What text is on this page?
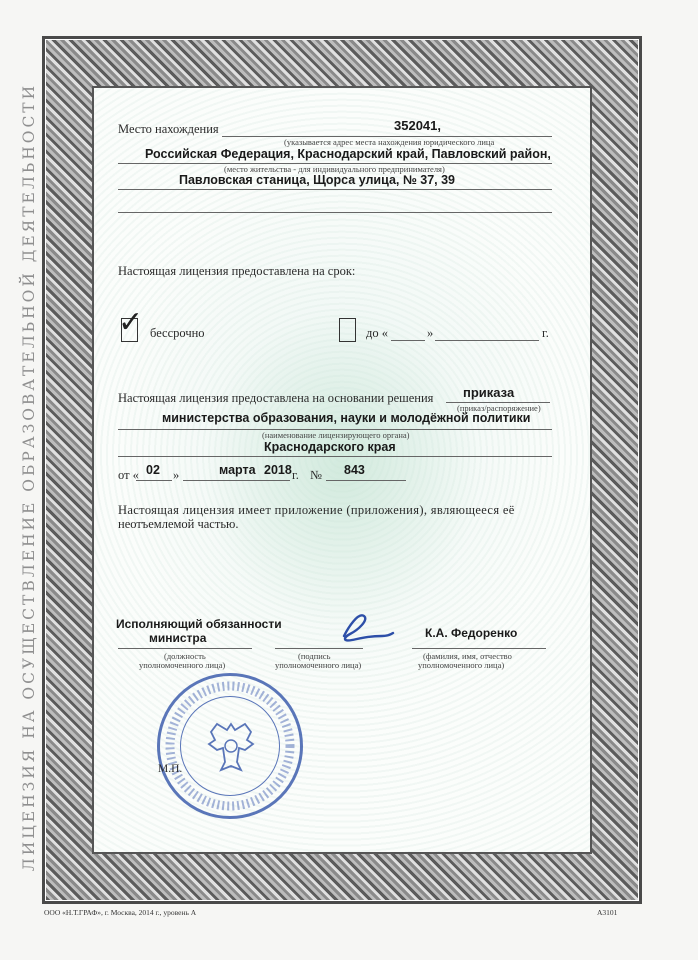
ЛИЦЕНЗИЯ НА ОСУЩЕСТВЛЕНИЕ ОБРАЗОВАТЕЛЬНОЙ ДЕЯТЕЛЬНОСТИ	Место нахождения	352041,
(указывается адрес места нахождения юридического лица
Российская Федерация, Краснодарский край, Павловский район,
(место жительства - для индивидуального предпринимателя)
Павловская станица, Щорса улица, № 37, 39
Настоящая лицензия предоставлена на срок:
✓ бессрочно	до «	»	г.
Настоящая лицензия предоставлена на основании решения приказа
(приказ/распоряжение)
министерства образования, науки и молодёжной политики
(наименование лицензирующего органа)
Краснодарского края
от « 02 »	марта 2018 г. № 843
Настоящая лицензия имеет приложение (приложения), являющееся её
неотъемлемой частью.
Исполняющий обязанности
министра
(должность
уполномоченного лица)
(подпись
уполномоченного лица)
К.А. Федоренко
(фамилия, имя, отчество
уполномоченного лица)
М.П.
ООО «Н.Т.ГРАФ», г. Москва, 2014 г., уровень А	А3101
